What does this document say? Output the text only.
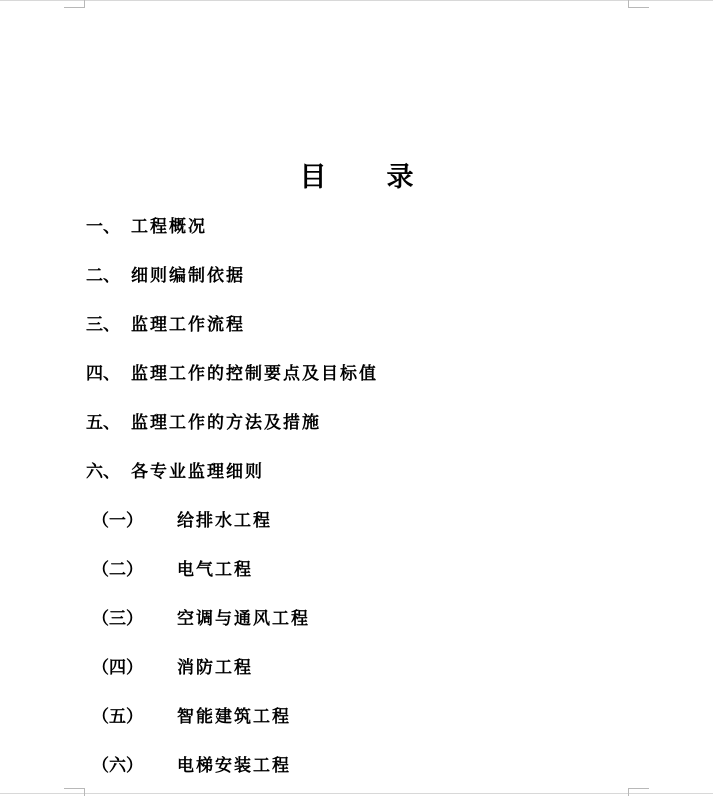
目 录
一、 工程概况
二、 细则编制依据
三、 监理工作流程
四、 监理工作的控制要点及目标值
五、 监理工作的方法及措施
六、 各专业监理细则
（一） 给排水工程
（二） 电气工程
（三） 空调与通风工程
（四） 消防工程
（五） 智能建筑工程
（六） 电梯安装工程
